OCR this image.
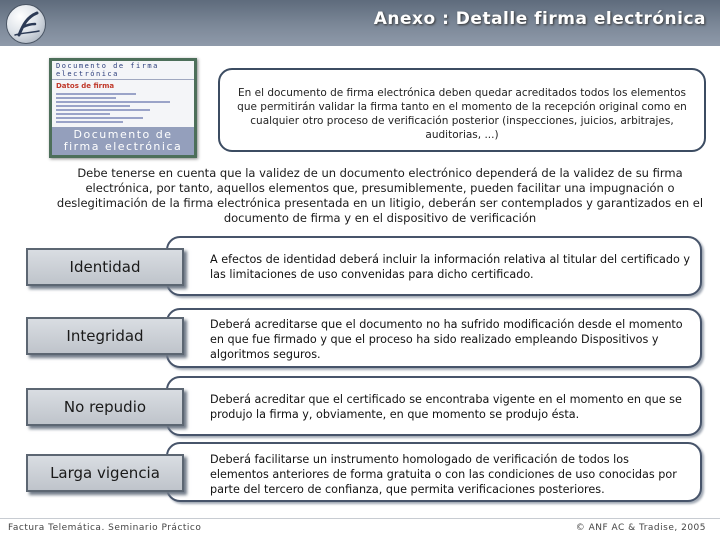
Anexo : Detalle firma electrónica
Documento de firma electrónica
Datos de firma
Documento de
firma electrónica
En el documento de firma electrónica deben quedar acreditados todos los elementos que permitirán validar la firma tanto en el momento de la recepción original como en cualquier otro proceso de verificación posterior (inspecciones, juicios, arbitrajes, auditorias, ...)
Debe tenerse en cuenta que la validez de un documento electrónico dependerá de la validez de su firma electrónica, por tanto, aquellos elementos que, presumiblemente, pueden facilitar una impugnación o deslegitimación de la firma electrónica presentada en un litigio, deberán ser contemplados y garantizados en el documento de firma y en el dispositivo de verificación
A efectos de identidad deberá incluir la información relativa al titular del certificado y las limitaciones de uso convenidas para dicho certificado.
Identidad
Deberá acreditarse que el documento no ha sufrido modificación desde el momento en que fue firmado y que el proceso ha sido realizado empleando Dispositivos y algoritmos seguros.
Integridad
Deberá acreditar que el certificado se encontraba vigente en el momento en que se produjo la firma y, obviamente, en que momento se produjo ésta.
No repudio
Deberá facilitarse un instrumento homologado de verificación de todos los elementos anteriores de forma gratuita o con las condiciones de uso conocidas por parte del tercero de confianza, que permita verificaciones posteriores.
Larga vigencia
Factura Telemática. Seminario Práctico	© ANF AC & Tradise, 2005
